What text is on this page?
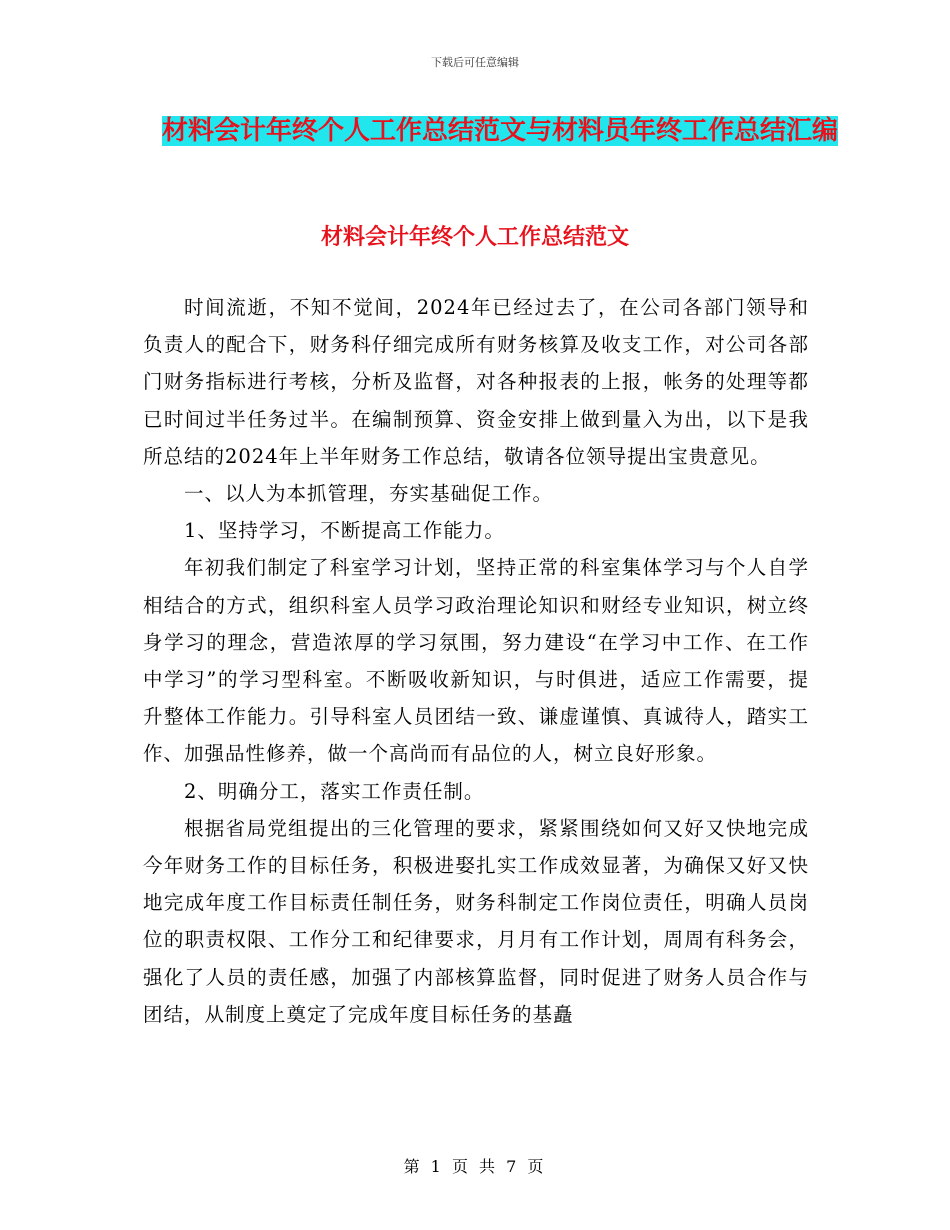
下载后可任意编辑
材料会计年终个人工作总结范文与材料员年终工作总结汇编
材料会计年终个人工作总结范文

时间流逝，不知不觉间，2024年已经过去了，在公司各部门领导和负责人的配合下，财务科仔细完成所有财务核算及收支工作，对公司各部门财务指标进行考核，分析及监督，对各种报表的上报，帐务的处理等都已时间过半任务过半。在编制预算、资金安排上做到量入为出，以下是我所总结的2024年上半年财务工作总结，敬请各位领导提出宝贵意见。

一、以人为本抓管理，夯实基础促工作。

1、坚持学习，不断提高工作能力。

年初我们制定了科室学习计划，坚持正常的科室集体学习与个人自学相结合的方式，组织科室人员学习政治理论知识和财经专业知识，树立终身学习的理念，营造浓厚的学习氛围，努力建设“在学习中工作、在工作中学习”的学习型科室。不断吸收新知识，与时俱进，适应工作需要，提升整体工作能力。引导科室人员团结一致、谦虚谨慎、真诚待人，踏实工作、加强品性修养，做一个高尚而有品位的人，树立良好形象。

2、明确分工，落实工作责任制。

根据省局党组提出的三化管理的要求，紧紧围绕如何又好又快地完成今年财务工作的目标任务，积极进娶扎实工作成效显著，为确保又好又快地完成年度工作目标责任制任务，财务科制定工作岗位责任，明确人员岗位的职责权限、工作分工和纪律要求，月月有工作计划，周周有科务会，强化了人员的责任感，加强了内部核算监督，同时促进了财务人员合作与团结，从制度上奠定了完成年度目标任务的基矗

第 1 页 共 7 页
